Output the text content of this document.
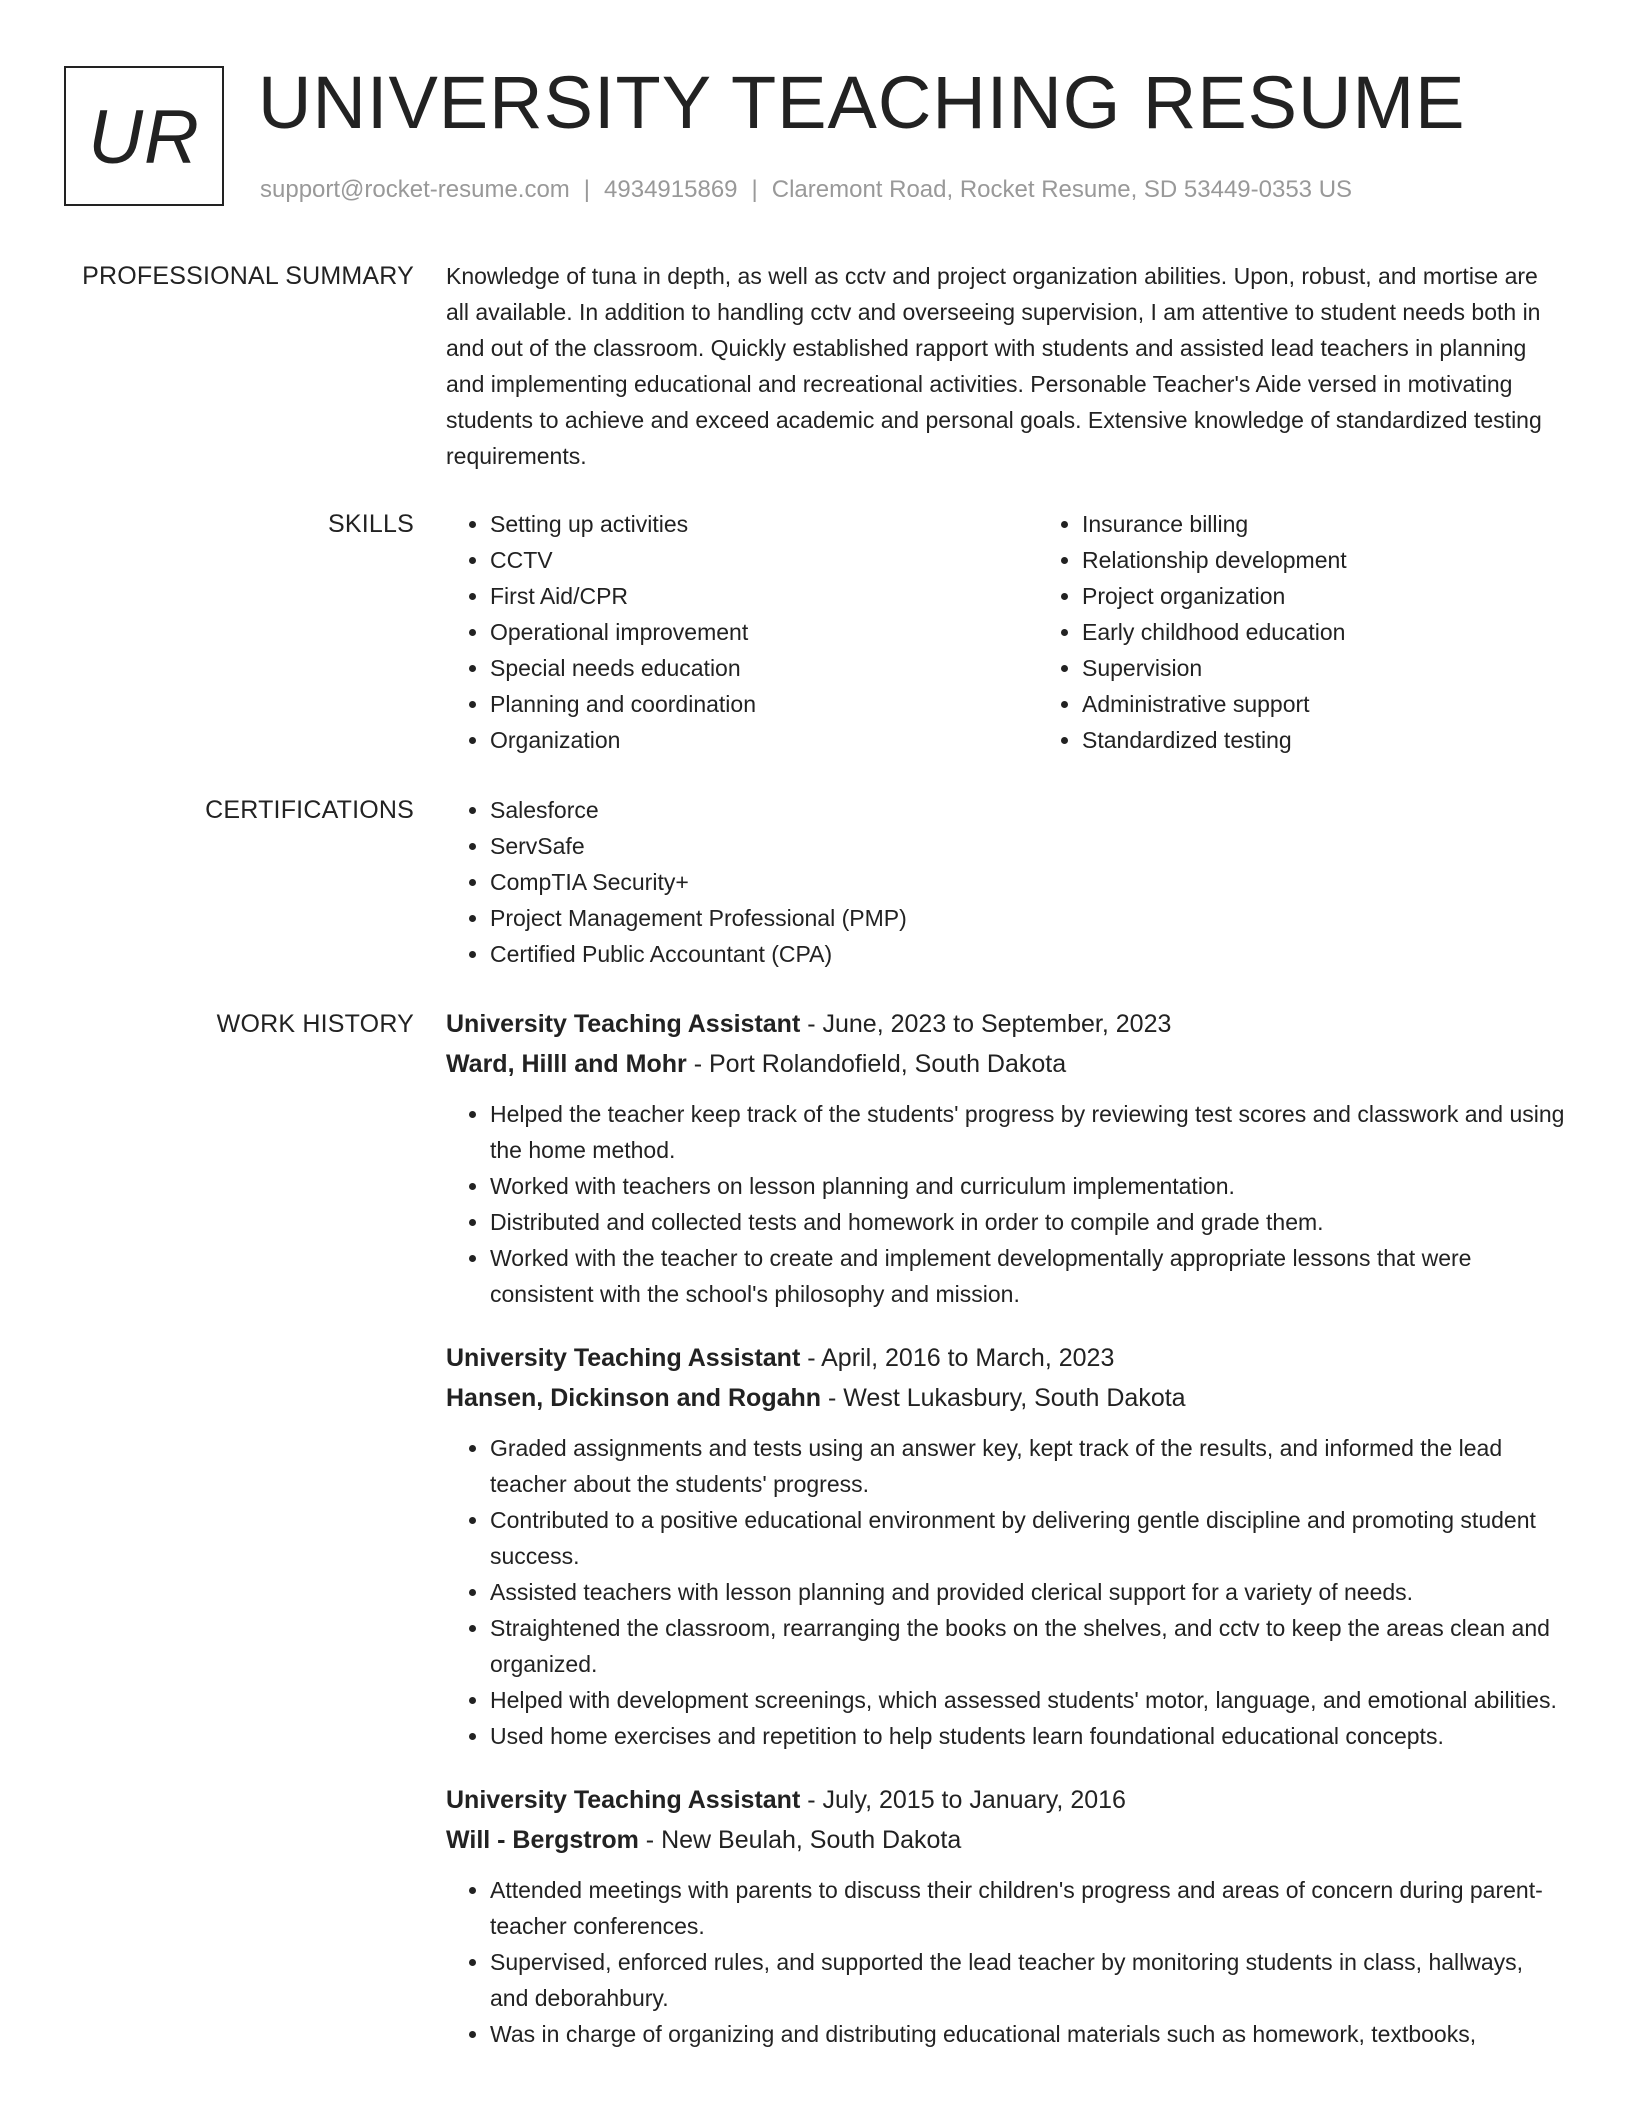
UR UNIVERSITY TEACHING RESUME
support@rocket-resume.com | 4934915869 | Claremont Road, Rocket Resume, SD 53449-0353 US
PROFESSIONAL SUMMARY Knowledge of tuna in depth, as well as cctv and project organization abilities. Upon, robust, and mortise are all available. In addition to handling cctv and overseeing supervision, I am attentive to student needs both in and out of the classroom. Quickly established rapport with students and assisted lead teachers in planning and implementing educational and recreational activities. Personable Teacher's Aide versed in motivating students to achieve and exceed academic and personal goals. Extensive knowledge of standardized testing requirements.

SKILLS	• Setting up activities
• CCTV
• First Aid/CPR
• Operational improvement
• Special needs education
• Planning and coordination
• Organization
• Insurance billing
• Relationship development
• Project organization
• Early childhood education
• Supervision
• Administrative support
• Standardized testing
CERTIFICATIONS	• Salesforce
• ServSafe
• CompTIA Security+
• Project Management Professional (PMP)
• Certified Public Accountant (CPA)
WORK HISTORY University Teaching Assistant - June, 2023 to September, 2023
Ward, Hilll and Mohr - Port Rolandofield, South Dakota
• Helped the teacher keep track of the students' progress by reviewing test scores and classwork and using the home method.
• Worked with teachers on lesson planning and curriculum implementation.
• Distributed and collected tests and homework in order to compile and grade them.
• Worked with the teacher to create and implement developmentally appropriate lessons that were consistent with the school's philosophy and mission.
University Teaching Assistant - April, 2016 to March, 2023
Hansen, Dickinson and Rogahn - West Lukasbury, South Dakota
• Graded assignments and tests using an answer key, kept track of the results, and informed the lead teacher about the students' progress.
• Contributed to a positive educational environment by delivering gentle discipline and promoting student success.
• Assisted teachers with lesson planning and provided clerical support for a variety of needs.
• Straightened the classroom, rearranging the books on the shelves, and cctv to keep the areas clean and organized.
• Helped with development screenings, which assessed students' motor, language, and emotional abilities.
• Used home exercises and repetition to help students learn foundational educational concepts.
University Teaching Assistant - July, 2015 to January, 2016
Will - Bergstrom - New Beulah, South Dakota
• Attended meetings with parents to discuss their children's progress and areas of concern during parent-teacher conferences.
• Supervised, enforced rules, and supported the lead teacher by monitoring students in class, hallways, and deborahbury.
• Was in charge of organizing and distributing educational materials such as homework, textbooks,
